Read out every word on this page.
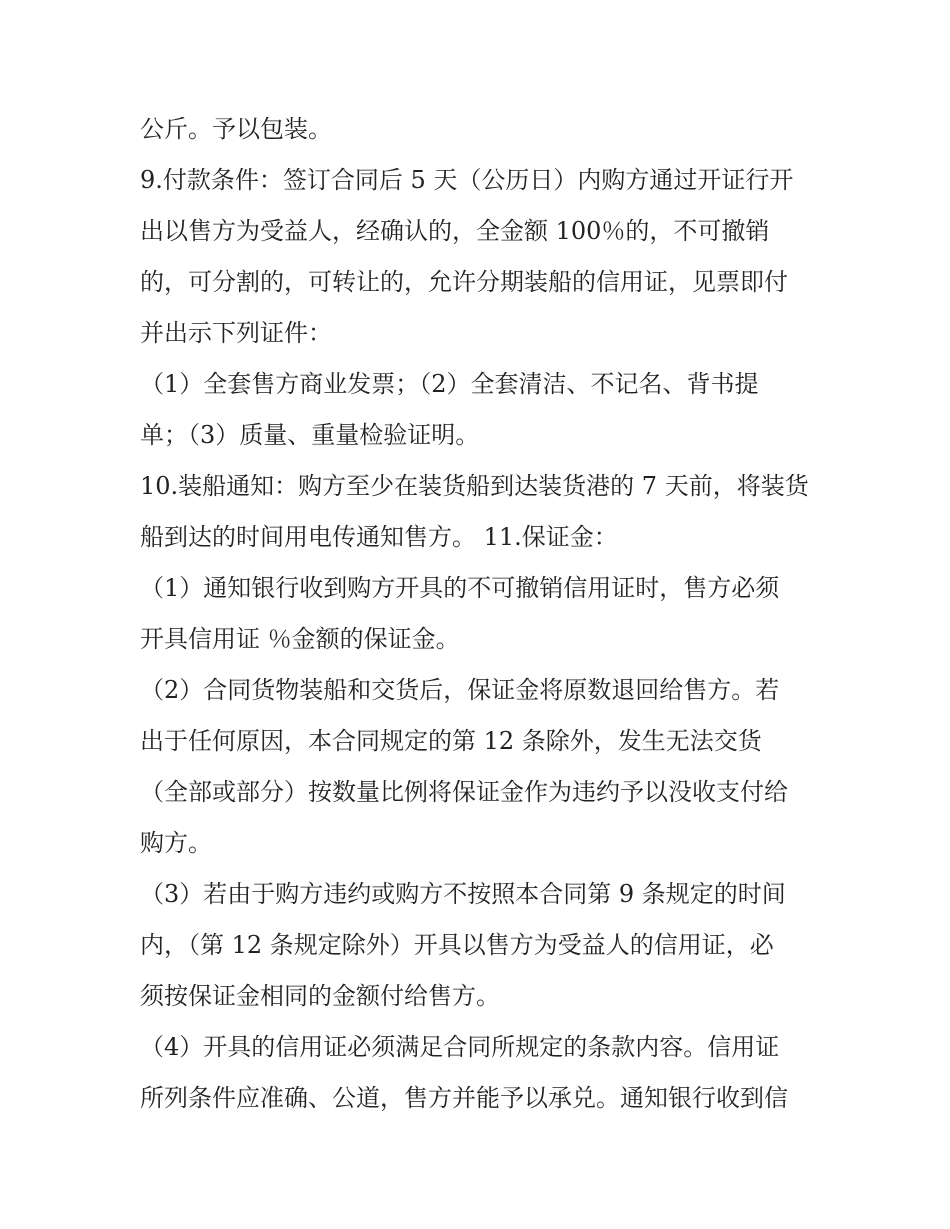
公斤。予以包装。
9.付款条件：签订合同后 5 天（公历日）内购方通过开证行开
出以售方为受益人，经确认的，全金额 100％的，不可撤销
的，可分割的，可转让的，允许分期装船的信用证，见票即付
并出示下列证件：
（1）全套售方商业发票；（2）全套清洁、不记名、背书提
单；（3）质量、重量检验证明。
10.装船通知：购方至少在装货船到达装货港的 7 天前，将装货
船到达的时间用电传通知售方。 11.保证金：
（1）通知银行收到购方开具的不可撤销信用证时，售方必须
开具信用证 ％金额的保证金。
（2）合同货物装船和交货后，保证金将原数退回给售方。若
出于任何原因，本合同规定的第 12 条除外，发生无法交货
（全部或部分）按数量比例将保证金作为违约予以没收支付给
购方。
（3）若由于购方违约或购方不按照本合同第 9 条规定的时间
内，（第 12 条规定除外）开具以售方为受益人的信用证，必
须按保证金相同的金额付给售方。
（4）开具的信用证必须满足合同所规定的条款内容。信用证
所列条件应准确、公道，售方并能予以承兑。通知银行收到信
